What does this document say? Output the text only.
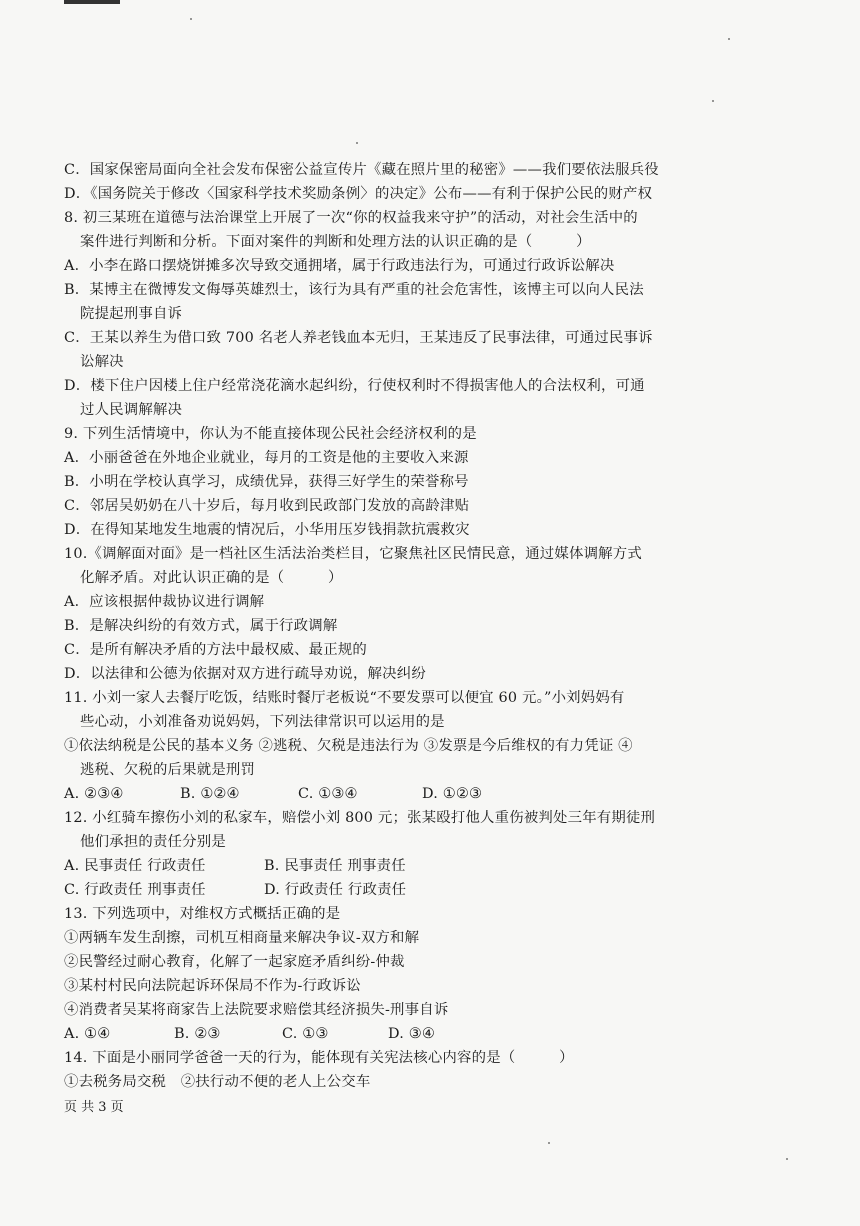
C．国家保密局面向全社会发布保密公益宣传片《藏在照片里的秘密》——我们要依法服兵役
D．《国务院关于修改〈国家科学技术奖励条例〉的决定》公布——有利于保护公民的财产权
8. 初三某班在道德与法治课堂上开展了一次“你的权益我来守护”的活动，对社会生活中的
案件进行判断和分析。下面对案件的判断和处理方法的认识正确的是（　　　）
A．小李在路口摆烧饼摊多次导致交通拥堵，属于行政违法行为，可通过行政诉讼解决
B．某博主在微博发文侮辱英雄烈士，该行为具有严重的社会危害性，该博主可以向人民法
院提起刑事自诉
C．王某以养生为借口致 700 名老人养老钱血本无归，王某违反了民事法律，可通过民事诉
讼解决
D．楼下住户因楼上住户经常浇花滴水起纠纷，行使权利时不得损害他人的合法权利，可通
过人民调解解决
9. 下列生活情境中，你认为不能直接体现公民社会经济权利的是
A．小丽爸爸在外地企业就业，每月的工资是他的主要收入来源
B．小明在学校认真学习，成绩优异，获得三好学生的荣誉称号
C．邻居吴奶奶在八十岁后，每月收到民政部门发放的高龄津贴
D．在得知某地发生地震的情况后，小华用压岁钱捐款抗震救灾
10.《调解面对面》是一档社区生活法治类栏目，它聚焦社区民情民意，通过媒体调解方式
化解矛盾。对此认识正确的是（　　　）
A．应该根据仲裁协议进行调解
B．是解决纠纷的有效方式，属于行政调解
C．是所有解决矛盾的方法中最权威、最正规的
D．以法律和公德为依据对双方进行疏导劝说，解决纠纷
11. 小刘一家人去餐厅吃饭，结账时餐厅老板说“不要发票可以便宜 60 元。”小刘妈妈有
些心动，小刘准备劝说妈妈，下列法律常识可以运用的是
①依法纳税是公民的基本义务 ②逃税、欠税是违法行为 ③发票是今后维权的有力凭证 ④
逃税、欠税的后果就是刑罚
A. ②③④	B. ①②④	C. ①③④	D. ①②③
12. 小红骑车擦伤小刘的私家车，赔偿小刘 800 元；张某殴打他人重伤被判处三年有期徒刑
他们承担的责任分别是
A. 民事责任 行政责任	B. 民事责任 刑事责任
C. 行政责任 刑事责任	D. 行政责任 行政责任
13. 下列选项中，对维权方式概括正确的是
①两辆车发生刮擦，司机互相商量来解决争议-双方和解
②民警经过耐心教育，化解了一起家庭矛盾纠纷-仲裁
③某村村民向法院起诉环保局不作为-行政诉讼
④消费者吴某将商家告上法院要求赔偿其经济损失-刑事自诉
A. ①④	B. ②③	C. ①③	D. ③④
14. 下面是小丽同学爸爸一天的行为，能体现有关宪法核心内容的是（　　　）
①去税务局交税　②扶行动不便的老人上公交车
页 共 3 页
